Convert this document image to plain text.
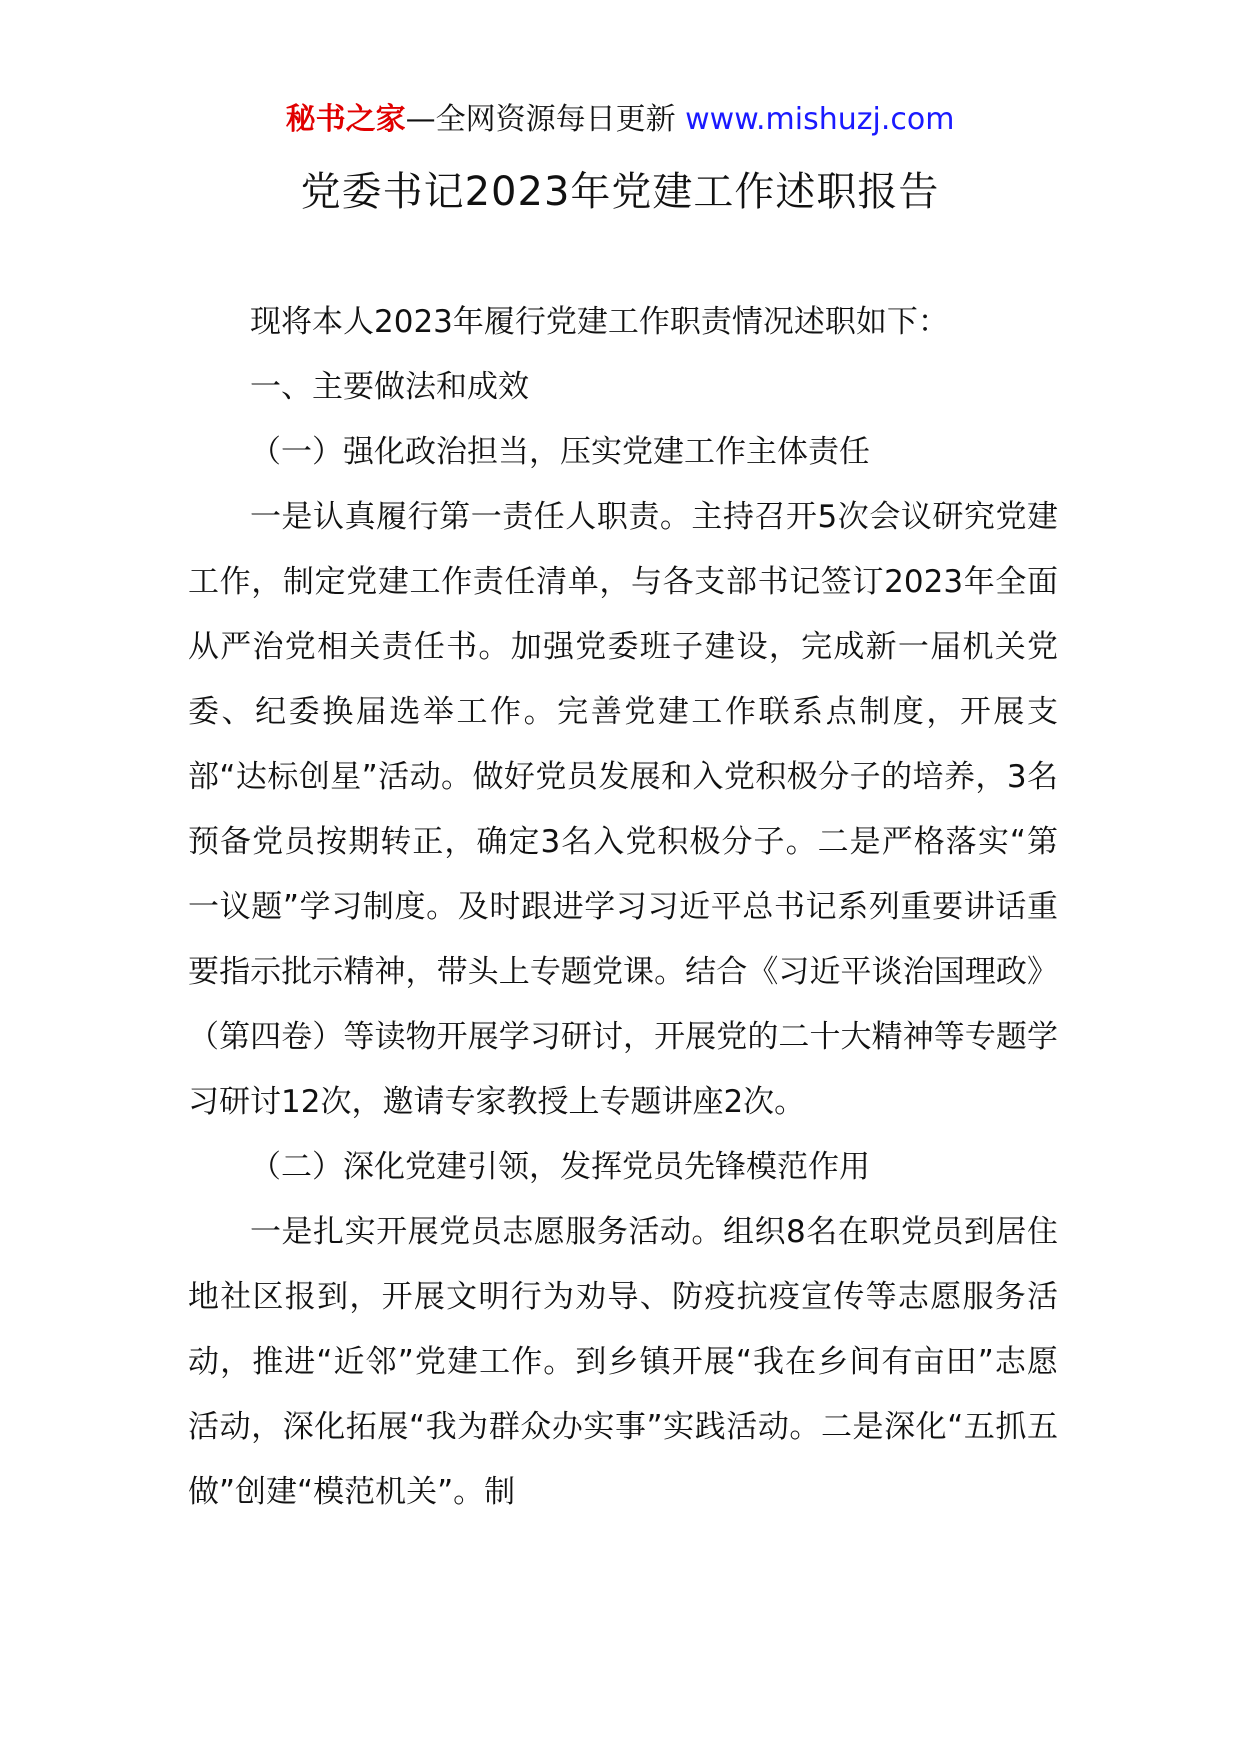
秘书之家—全网资源每日更新 www.mishuzj.com
党委书记2023年党建工作述职报告

现将本人2023年履行党建工作职责情况述职如下：

一、主要做法和成效

（一）强化政治担当，压实党建工作主体责任

一是认真履行第一责任人职责。主持召开5次会议研究党建工作，制定党建工作责任清单，与各支部书记签订2023年全面从严治党相关责任书。加强党委班子建设，完成新一届机关党委、纪委换届选举工作。完善党建工作联系点制度，开展支部“达标创星”活动。做好党员发展和入党积极分子的培养，3名预备党员按期转正，确定3名入党积极分子。二是严格落实“第一议题”学习制度。及时跟进学习习近平总书记系列重要讲话重要指示批示精神，带头上专题党课。结合《习近平谈治国理政》（第四卷）等读物开展学习研讨，开展党的二十大精神等专题学习研讨12次，邀请专家教授上专题讲座2次。

（二）深化党建引领，发挥党员先锋模范作用

一是扎实开展党员志愿服务活动。组织8名在职党员到居住地社区报到，开展文明行为劝导、防疫抗疫宣传等志愿服务活动，推进“近邻”党建工作。到乡镇开展“我在乡间有亩田”志愿活动，深化拓展“我为群众办实事”实践活动。二是深化“五抓五做”创建“模范机关”。制
